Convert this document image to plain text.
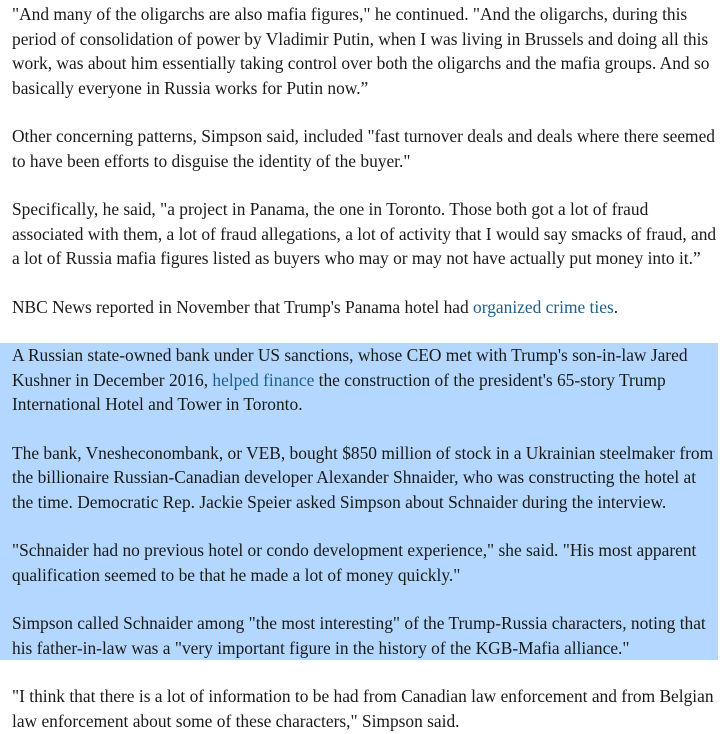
"And many of the oligarchs are also mafia figures," he continued. "And the oligarchs, during this period of consolidation of power by Vladimir Putin, when I was living in Brussels and doing all this work, was about him essentially taking control over both the oligarchs and the mafia groups. And so basically everyone in Russia works for Putin now.”

Other concerning patterns, Simpson said, included "fast turnover deals and deals where there seemed to have been efforts to disguise the identity of the buyer."

Specifically, he said, "a project in Panama, the one in Toronto. Those both got a lot of fraud associated with them, a lot of fraud allegations, a lot of activity that I would say smacks of fraud, and a lot of Russia mafia figures listed as buyers who may or may not have actually put money into it.”

NBC News reported in November that Trump's Panama hotel had organized crime ties.

A Russian state-owned bank under US sanctions, whose CEO met with Trump's son-in-law Jared Kushner in December 2016, helped finance the construction of the president's 65-story Trump International Hotel and Tower in Toronto.

The bank, Vnesheconombank, or VEB, bought $850 million of stock in a Ukrainian steelmaker from the billionaire Russian-Canadian developer Alexander Shnaider, who was constructing the hotel at the time. Democratic Rep. Jackie Speier asked Simpson about Schnaider during the interview.

"Schnaider had no previous hotel or condo development experience," she said. "His most apparent qualification seemed to be that he made a lot of money quickly."

Simpson called Schnaider among "the most interesting" of the Trump-Russia characters, noting that his father-in-law was a "very important figure in the history of the KGB-Mafia alliance."

"I think that there is a lot of information to be had from Canadian law enforcement and from Belgian law enforcement about some of these characters," Simpson said.
